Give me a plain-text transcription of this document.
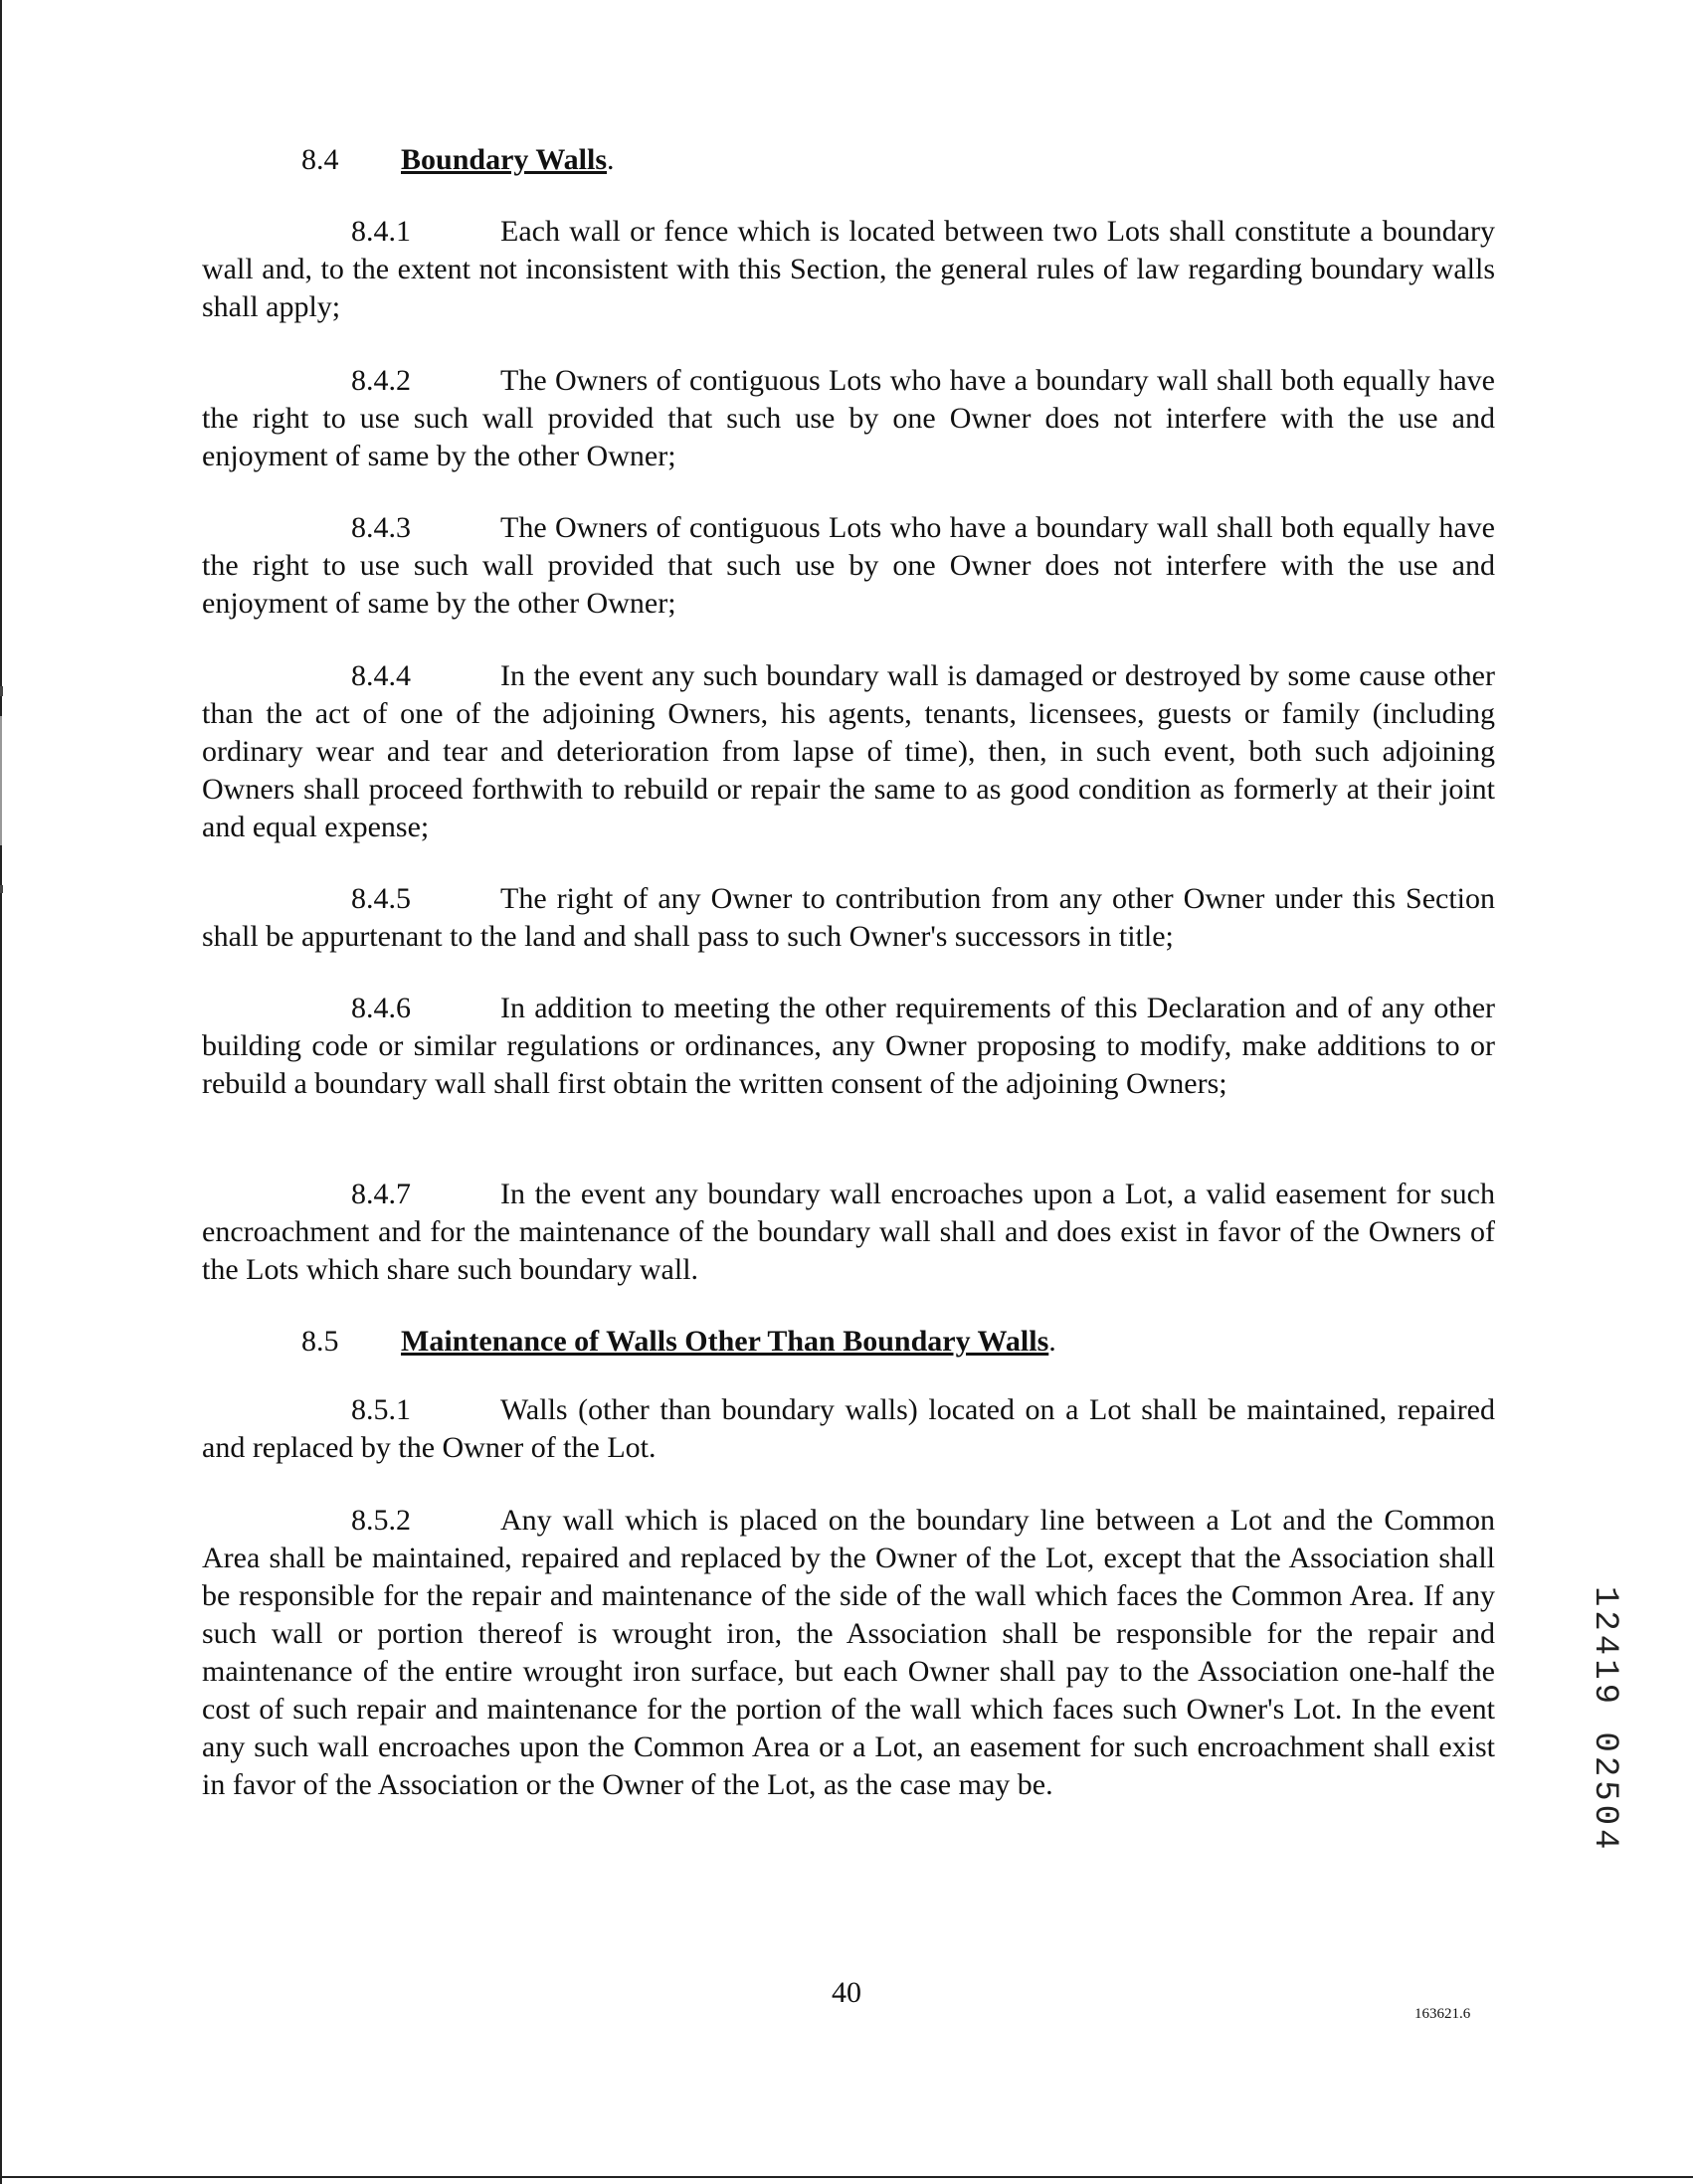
8.4 Boundary Walls.
8.4.1	Each wall or fence which is located between two Lots shall constitute a boundary wall and, to the extent not inconsistent with this Section, the general rules of law regarding boundary walls shall apply;
8.4.2	The Owners of contiguous Lots who have a boundary wall shall both equally have the right to use such wall provided that such use by one Owner does not interfere with the use and enjoyment of same by the other Owner;
8.4.3	The Owners of contiguous Lots who have a boundary wall shall both equally have the right to use such wall provided that such use by one Owner does not interfere with the use and enjoyment of same by the other Owner;
8.4.4	In the event any such boundary wall is damaged or destroyed by some cause other than the act of one of the adjoining Owners, his agents, tenants, licensees, guests or family (including ordinary wear and tear and deterioration from lapse of time), then, in such event, both such adjoining Owners shall proceed forthwith to rebuild or repair the same to as good condition as formerly at their joint and equal expense;
8.4.5	The right of any Owner to contribution from any other Owner under this Section shall be appurtenant to the land and shall pass to such Owner's successors in title;
8.4.6	In addition to meeting the other requirements of this Declaration and of any other building code or similar regulations or ordinances, any Owner proposing to modify, make additions to or rebuild a boundary wall shall first obtain the written consent of the adjoining Owners;
8.4.7	In the event any boundary wall encroaches upon a Lot, a valid easement for such encroachment and for the maintenance of the boundary wall shall and does exist in favor of the Owners of the Lots which share such boundary wall.
8.5 Maintenance of Walls Other Than Boundary Walls.
8.5.1	Walls (other than boundary walls) located on a Lot shall be maintained, repaired and replaced by the Owner of the Lot.
8.5.2	Any wall which is placed on the boundary line between a Lot and the Common Area shall be maintained, repaired and replaced by the Owner of the Lot, except that the Association shall be responsible for the repair and maintenance of the side of the wall which faces the Common Area. If any such wall or portion thereof is wrought iron, the Association shall be responsible for the repair and maintenance of the entire wrought iron surface, but each Owner shall pay to the Association one-half the cost of such repair and maintenance for the portion of the wall which faces such Owner's Lot. In the event any such wall encroaches upon the Common Area or a Lot, an easement for such encroachment shall exist in favor of the Association or the Owner of the Lot, as the case may be.	12419 02504
40
163621.6
